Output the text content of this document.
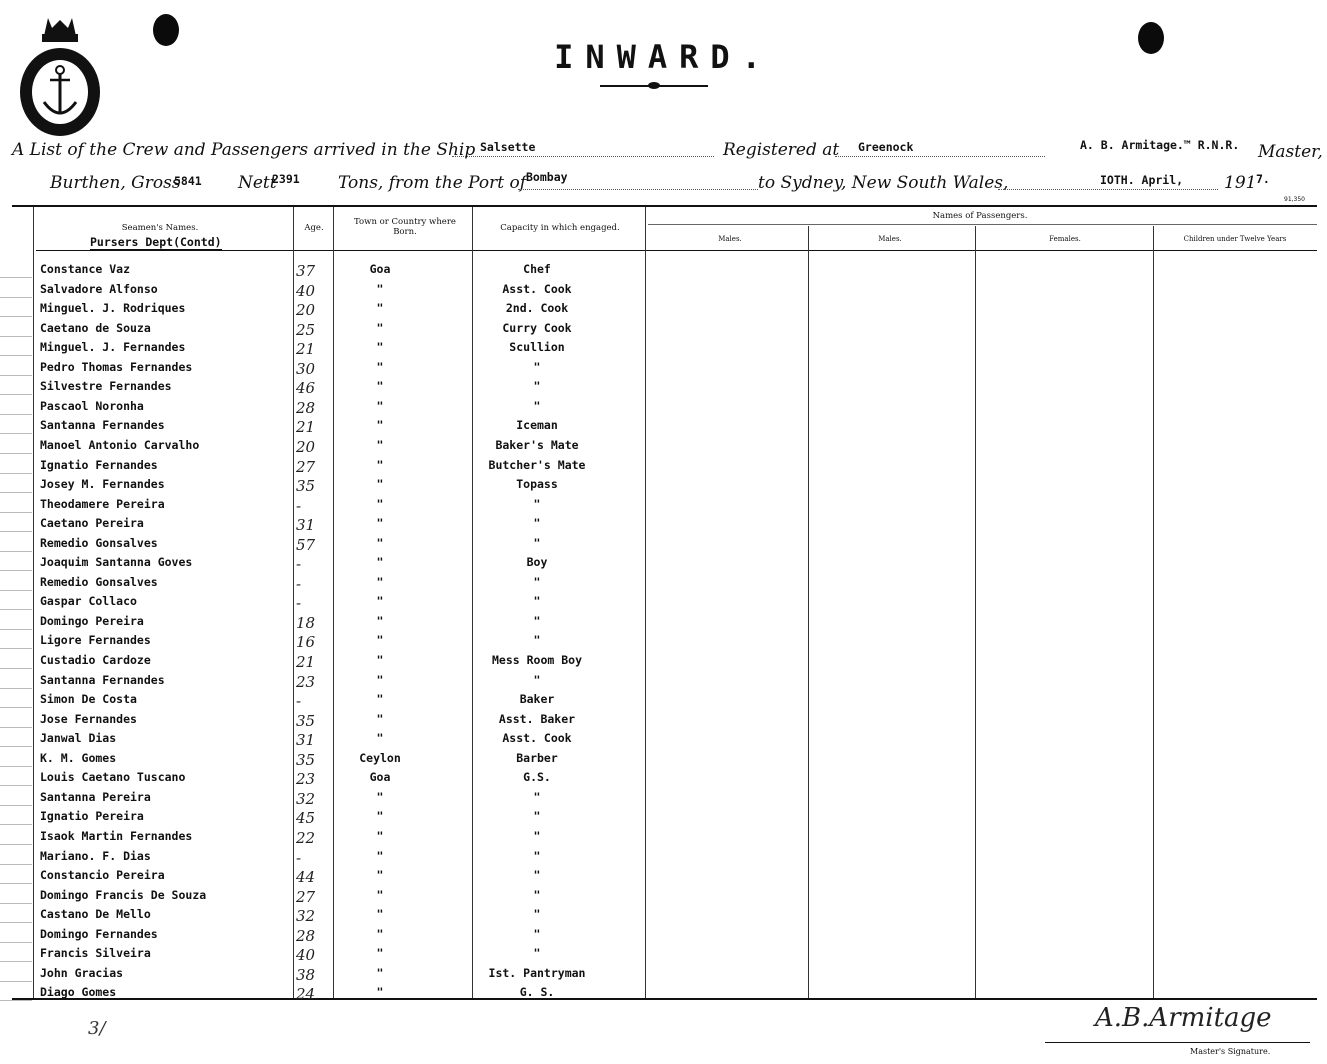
INWARD.
A List of the Crew and Passengers arrived in the Ship Salsette	Registered at Greenock	A. B. Armitage.™ R.N.R. Master,
Burthen, Gross
5841 Nett
2391 Tons, from the Port of Bombay	to Sydney, New South Wales,	IOTH. April, 191 7.
91,350
Seamen's Names.
Pursers Dept(Contd)
Age.
Town or Country where Born.	Capacity in which engaged.
Names of Passengers.
Males.	Males.	Females.	Children under Twelve Years
Constance Vaz	37	Goa	Chef
Salvadore Alfonso	40	"	Asst. Cook
Minguel. J. Rodriques	20	"	2nd. Cook
Caetano de Souza	25	"	Curry Cook
Minguel. J. Fernandes	21	"	Scullion
Pedro Thomas Fernandes	30	"	"
Silvestre Fernandes	46	"	"
Pascaol Noronha	28	"	"
Santanna Fernandes	21	"	Iceman
Manoel Antonio Carvalho	20	"	Baker's Mate
Ignatio Fernandes	27	"	Butcher's Mate
Josey M. Fernandes	35	"	Topass
Theodamere Pereira	-	"	"
Caetano Pereira	31	"	"
Remedio Gonsalves	57	"	"
Joaquim Santanna Goves	-	"	Boy
Remedio Gonsalves	-	"	"
Gaspar Collaco	-	"	"
Domingo Pereira	18	"	"
Ligore Fernandes	16	"	"
Custadio Cardoze	21	"	Mess Room Boy
Santanna Fernandes	23	"	"
Simon De Costa	-	"	Baker
Jose Fernandes	35	"	Asst. Baker
Janwal Dias	31	"	Asst. Cook
K. M. Gomes	35	Ceylon	Barber
Louis Caetano Tuscano	23	Goa	G.S.
Santanna Pereira	32	"	"
Ignatio Pereira	45	"	"
Isaok Martin Fernandes	22	"	"
Mariano. F. Dias	-	"	"
Constancio Pereira	44	"	"
Domingo Francis De Souza	27	"	"
Castano De Mello	32	"	"
Domingo Fernandes	28	"	"
Francis Silveira	40	"	"
John Gracias	38	"	Ist. Pantryman
Diago Gomes	24	"	G. S.
3/	A.B.Armitage
Master's Signature.
